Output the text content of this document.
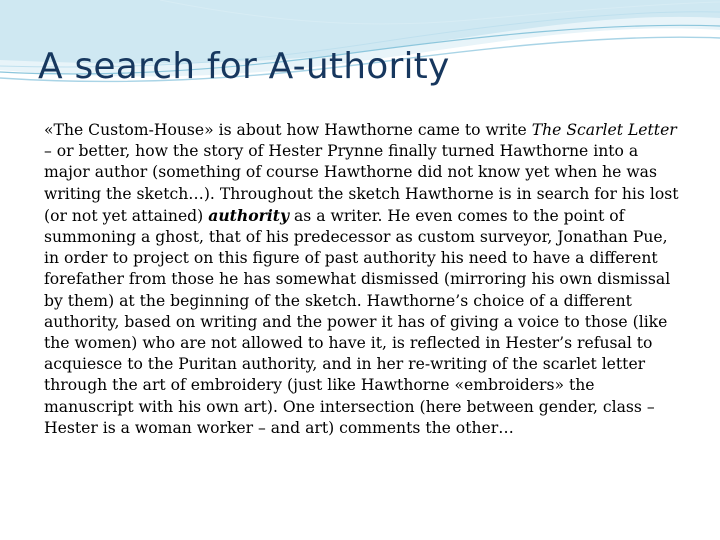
A search for A-uthority

«The Custom-House» is about how Hawthorne came to write The Scarlet Letter – or better, how the story of Hester Prynne finally turned Hawthorne into a major author (something of course Hawthorne did not know yet when he was writing the sketch…). Throughout the sketch Hawthorne is in search for his lost (or not yet attained) authority as a writer. He even comes to the point of summoning a ghost, that of his predecessor as custom surveyor, Jonathan Pue, in order to project on this figure of past authority his need to have a different forefather from those he has somewhat dismissed (mirroring his own dismissal by them) at the beginning of the sketch. Hawthorne’s choice of a different authority, based on writing and the power it has of giving a voice to those (like the women) who are not allowed to have it, is reflected in Hester’s refusal to acquiesce to the Puritan authority, and in her re-writing of the scarlet letter through the art of embroidery (just like Hawthorne «embroiders» the manuscript with his own art). One intersection (here between gender, class – Hester is a woman worker – and art) comments the other…
